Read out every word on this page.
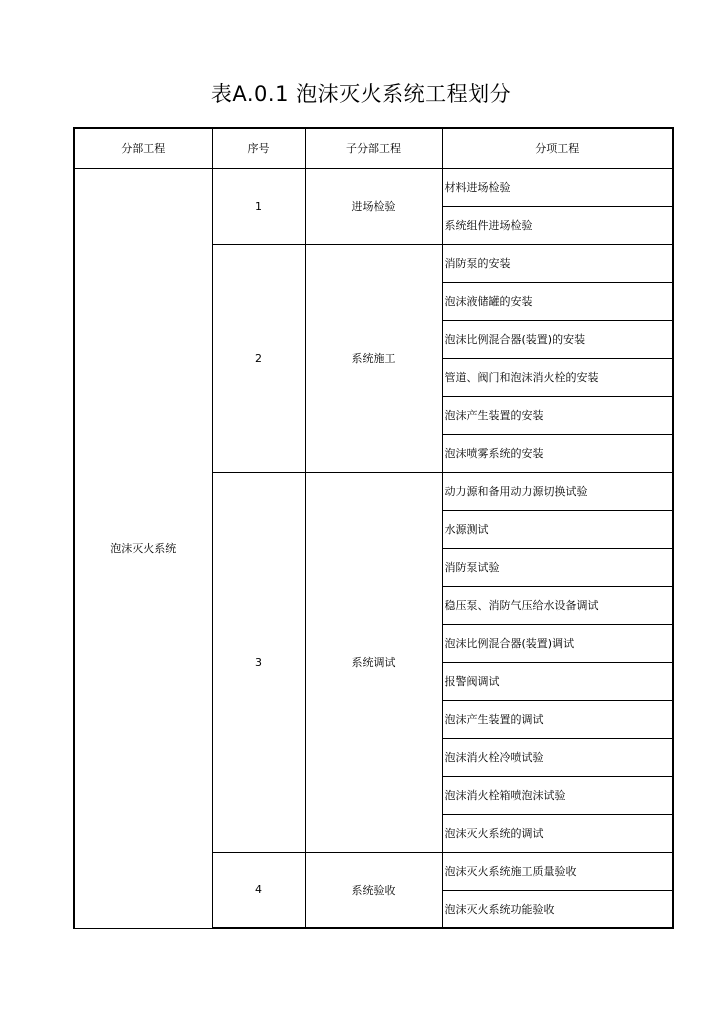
表A.0.1 泡沫灭火系统工程划分
分部工程	序号	子分部工程	分项工程
泡沫灭火系统	1	进场检验	材料进场检验
			系统组件进场检验
	2	系统施工	消防泵的安装
			泡沫液储罐的安装
			泡沫比例混合器(装置)的安装
			管道、阀门和泡沫消火栓的安装
			泡沫产生装置的安装
			泡沫喷雾系统的安装
	3	系统调试	动力源和备用动力源切换试验
			水源测试
			消防泵试验
			稳压泵、消防气压给水设备调试
			泡沫比例混合器(装置)调试
			报警阀调试
			泡沫产生装置的调试
			泡沫消火栓冷喷试验
			泡沫消火栓箱喷泡沫试验
			泡沫灭火系统的调试
	4	系统验收	泡沫灭火系统施工质量验收
			泡沫灭火系统功能验收
